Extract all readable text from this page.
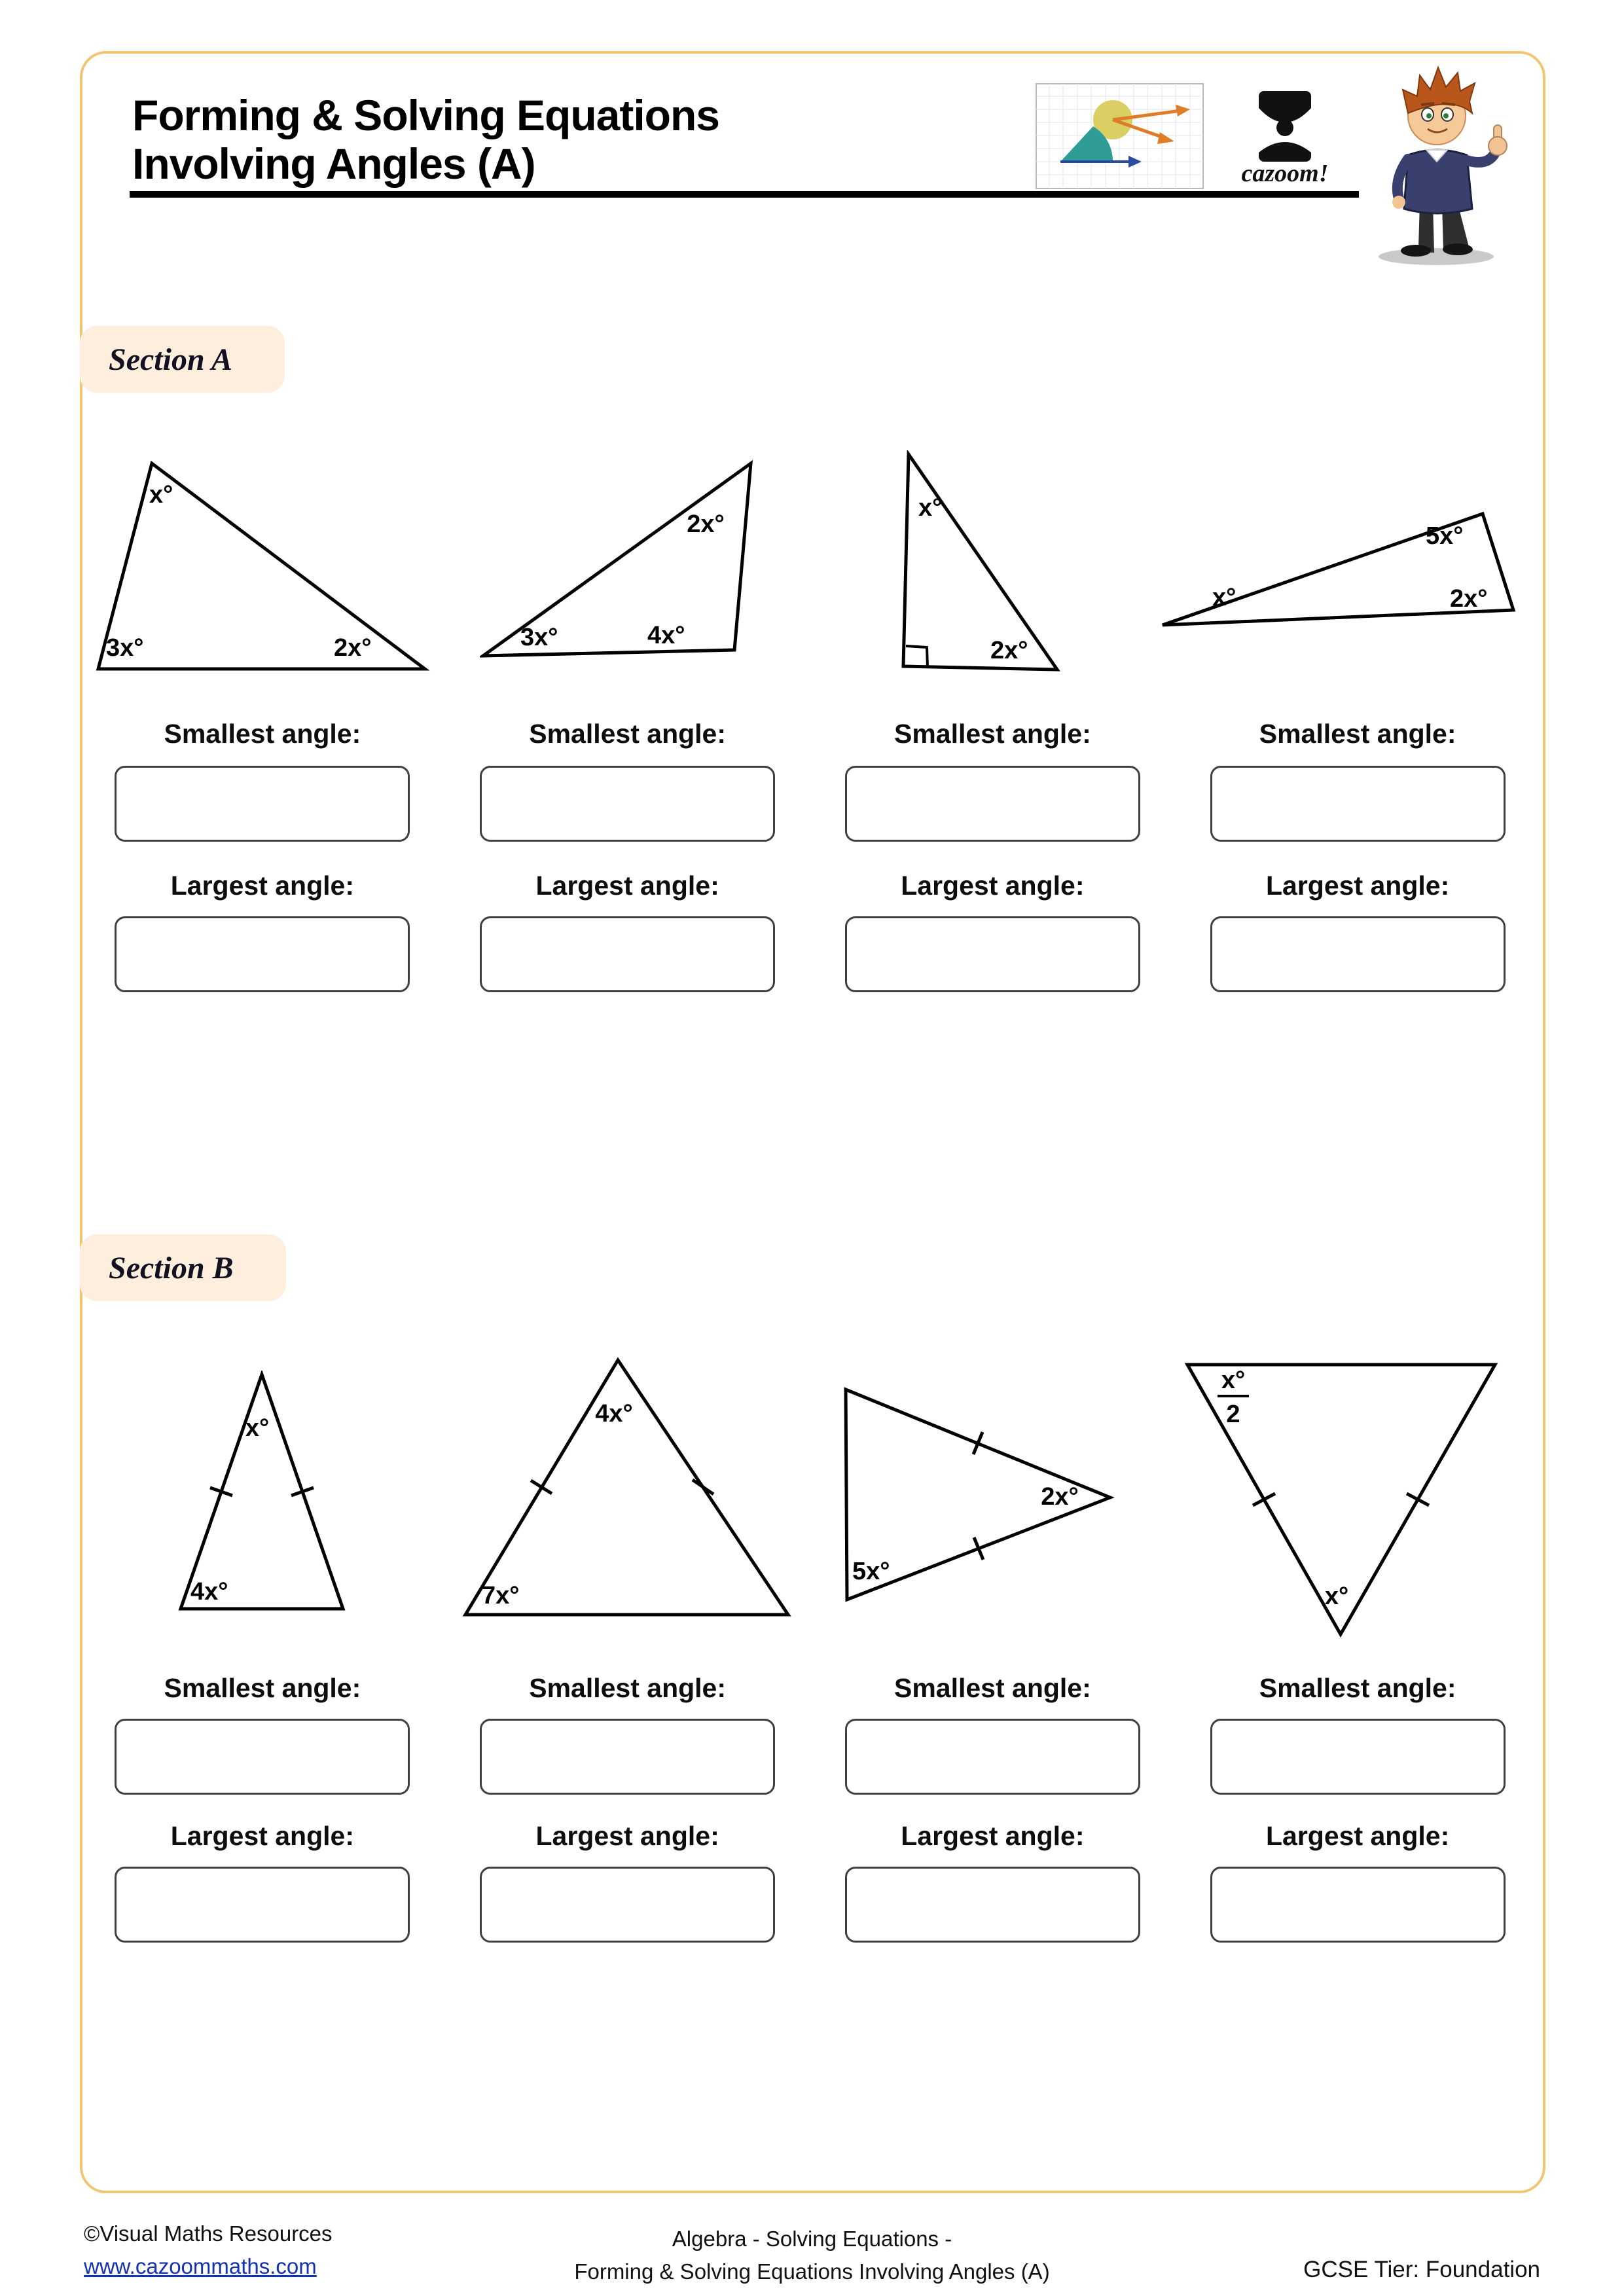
Forming & Solving Equations
Involving Angles (A)	cazoom!
Section A
x°
3x°	2x°
2x°
3x°	4x°
x°
2x°
5x°
x°	2x°
Smallest angle:	Smallest angle:	Smallest angle:	Smallest angle:
Largest angle:	Largest angle:	Largest angle:	Largest angle:
Section B
x°
4x°
4x°
7x°
2x°
5x°
x°
2
x°
Smallest angle:	Smallest angle:	Smallest angle:	Smallest angle:
Largest angle:	Largest angle:	Largest angle:	Largest angle:
©Visual Maths Resources
www.cazoommaths.com
Algebra - Solving Equations -
Forming & Solving Equations Involving Angles (A)	GCSE Tier: Foundation
